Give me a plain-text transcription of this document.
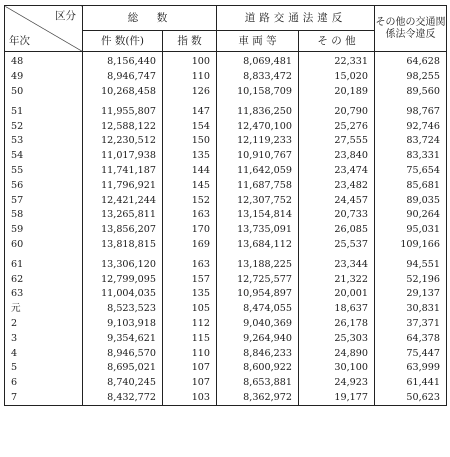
区分
年次	総　数		道路交通法違反		その他の交通関係法令違反
	件 数(件)	指 数	車 両 等	そ の 他	
48	8,156,440	100	8,069,481	22,331	64,628
49	8,946,747	110	8,833,472	15,020	98,255
50	10,268,458	126	10,158,709	20,189	89,560
51	11,955,807	147	11,836,250	20,790	98,767
52	12,588,122	154	12,470,100	25,276	92,746
53	12,230,512	150	12,119,233	27,555	83,724
54	11,017,938	135	10,910,767	23,840	83,331
55	11,741,187	144	11,642,059	23,474	75,654
56	11,796,921	145	11,687,758	23,482	85,681
57	12,421,244	152	12,307,752	24,457	89,035
58	13,265,811	163	13,154,814	20,733	90,264
59	13,856,207	170	13,735,091	26,085	95,031
60	13,818,815	169	13,684,112	25,537	109,166
61	13,306,120	163	13,188,225	23,344	94,551
62	12,799,095	157	12,725,577	21,322	52,196
63	11,004,035	135	10,954,897	20,001	29,137
元	8,523,523	105	8,474,055	18,637	30,831
2	9,103,918	112	9,040,369	26,178	37,371
3	9,354,621	115	9,264,940	25,303	64,378
4	8,946,570	110	8,846,233	24,890	75,447
5	8,695,021	107	8,600,922	30,100	63,999
6	8,740,245	107	8,653,881	24,923	61,441
7	8,432,772	103	8,362,972	19,177	50,623
